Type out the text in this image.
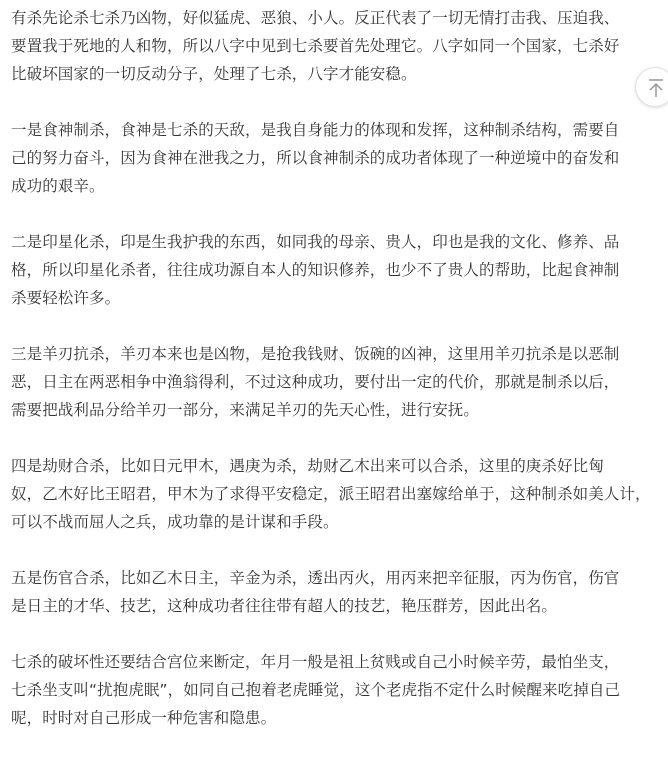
有杀先论杀七杀乃凶物，好似猛虎、恶狼、小人。反正代表了一切无情打击我、压迫我、
要置我于死地的人和物，所以八字中见到七杀要首先处理它。八字如同一个国家，七杀好
比破坏国家的一切反动分子，处理了七杀，八字才能安稳。

一是食神制杀，食神是七杀的天敌，是我自身能力的体现和发挥，这种制杀结构，需要自
己的努力奋斗，因为食神在泄我之力，所以食神制杀的成功者体现了一种逆境中的奋发和
成功的艰辛。

二是印星化杀，印是生我护我的东西，如同我的母亲、贵人，印也是我的文化、修养、品
格，所以印星化杀者，往往成功源自本人的知识修养，也少不了贵人的帮助，比起食神制
杀要轻松许多。

三是羊刃抗杀，羊刃本来也是凶物，是抢我钱财、饭碗的凶神，这里用羊刃抗杀是以恶制
恶，日主在两恶相争中渔翁得利，不过这种成功，要付出一定的代价，那就是制杀以后，
需要把战利品分给羊刃一部分，来满足羊刃的先天心性，进行安抚。

四是劫财合杀，比如日元甲木，遇庚为杀，劫财乙木出来可以合杀，这里的庚杀好比匈
奴，乙木好比王昭君，甲木为了求得平安稳定，派王昭君出塞嫁给单于，这种制杀如美人计，
可以不战而屈人之兵，成功靠的是计谋和手段。

五是伤官合杀，比如乙木日主，辛金为杀，透出丙火，用丙来把辛征服，丙为伤官，伤官
是日主的才华、技艺，这种成功者往往带有超人的技艺，艳压群芳，因此出名。

七杀的破坏性还要结合宫位来断定，年月一般是祖上贫贱或自己小时候辛劳，最怕坐支，
七杀坐支叫“扰抱虎眠”，如同自己抱着老虎睡觉，这个老虎指不定什么时候醒来吃掉自己
呢，时时对自己形成一种危害和隐患。
